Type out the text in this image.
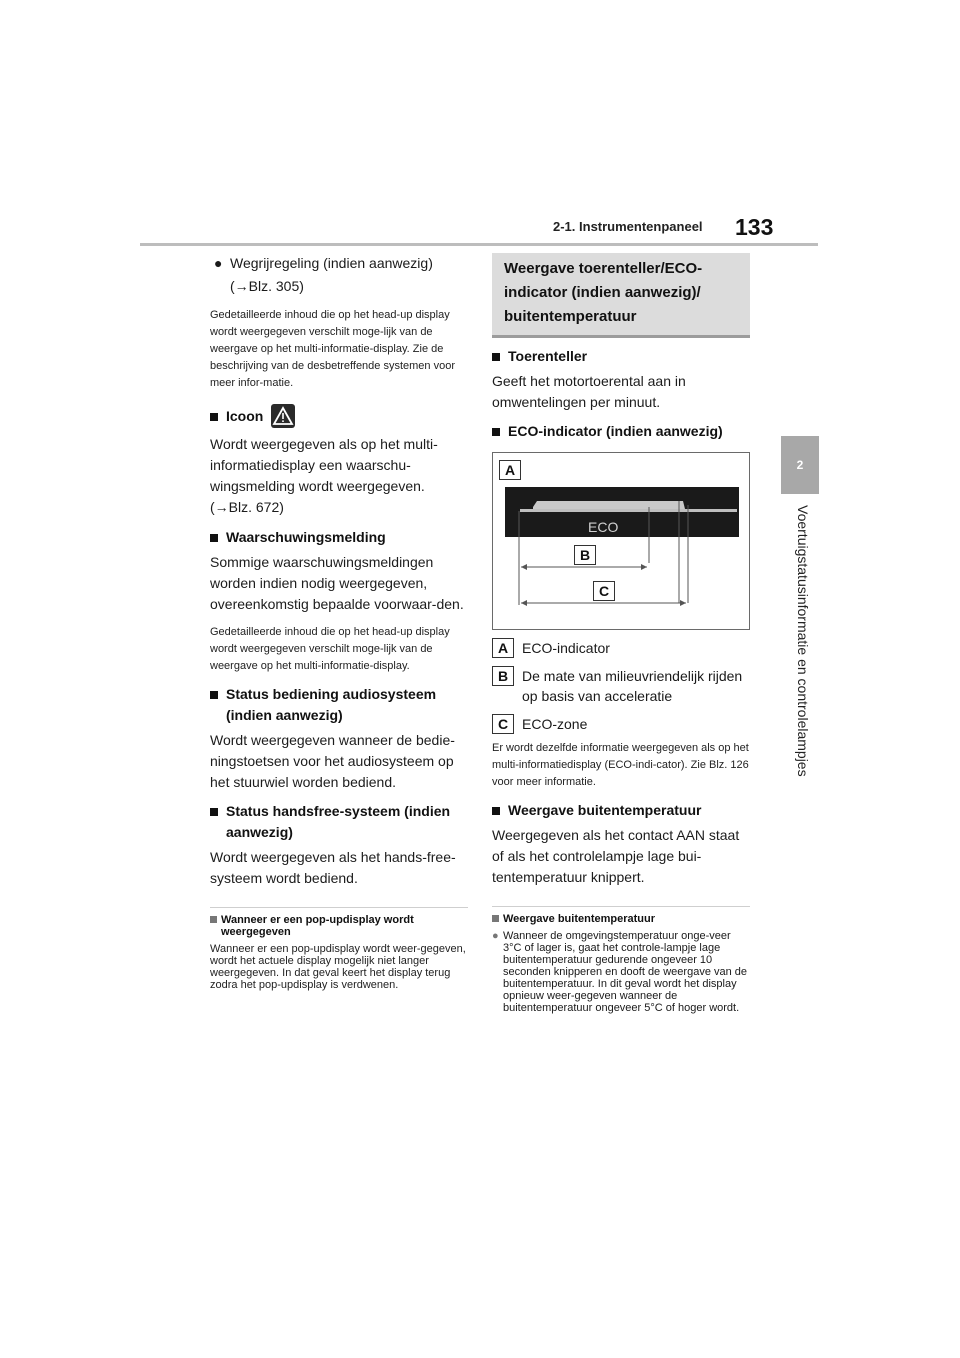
2-1. Instrumentenpaneel 133
2
Voertuigstatusinformatie en controlelampjes
● Wegrijregeling (indien aanwezig)
(→Blz. 305)

Gedetailleerde inhoud die op het head-up display wordt weergegeven verschilt moge-lijk van de weergave op het multi-informatie-display. Zie de beschrijving van de desbetreffende systemen voor meer infor-matie.

Icoon

Wordt weergegeven als op het multi-informatiedisplay een waarschu-wingsmelding wordt weergegeven.

(→Blz. 672)

Waarschuwingsmelding

Sommige waarschuwingsmeldingen worden indien nodig weergegeven, overeenkomstig bepaalde voorwaar-den.

Gedetailleerde inhoud die op het head-up display wordt weergegeven verschilt moge-lijk van de weergave op het multi-informatie-display.

Status bediening audiosysteem (indien aanwezig)

Wordt weergegeven wanneer de bedie-ningstoetsen voor het audiosysteem op het stuurwiel worden bediend.

Status handsfree-systeem (indien aanwezig)

Wordt weergegeven als het hands-free-systeem wordt bediend.

Wanneer er een pop-updisplay wordt weergegeven

Wanneer er een pop-updisplay wordt weer-gegeven, wordt het actuele display mogelijk niet langer weergegeven. In dat geval keert het display terug zodra het pop-updisplay is verdwenen.

Weergave toerenteller/ECO-indicator (indien aanwezig)/ buitentemperatuur
Toerenteller

Geeft het motortoerental aan in omwentelingen per minuut.

ECO-indicator (indien aanwezig)
A
ECO
B
C
A ECO-indicator
B De mate van milieuvriendelijk rijden op basis van acceleratie
C ECO-zone

Er wordt dezelfde informatie weergegeven als op het multi-informatiedisplay (ECO-indi-cator). Zie Blz. 126 voor meer informatie.

Weergave buitentemperatuur

Weergegeven als het contact AAN staat of als het controlelampje lage bui-tentemperatuur knippert.

Weergave buitentemperatuur
● Wanneer de omgevingstemperatuur onge-veer 3°C of lager is, gaat het controle-lampje lage buitentemperatuur gedurende ongeveer 10 seconden knipperen en dooft de weergave van de buitentemperatuur. In dit geval wordt het display opnieuw weer-gegeven wanneer de buitentemperatuur ongeveer 5°C of hoger wordt.
